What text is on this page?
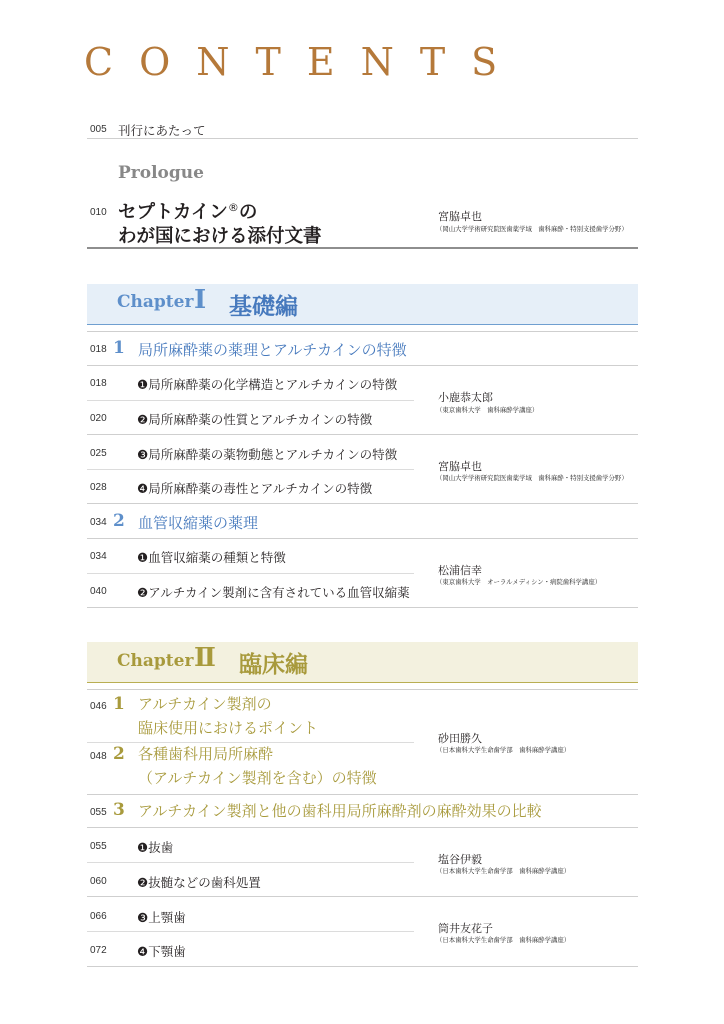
CONTENTS
005 刊行にあたって
Prologue
010 セプトカイン®の
わが国における添付文書
宮脇卓也
（岡山大学学術研究院医歯薬学域　歯科麻酔・特別支援歯学分野）
Chapter Ⅰ 基礎編
018 1 局所麻酔薬の薬理とアルチカインの特徴
018 ❶局所麻酔薬の化学構造とアルチカインの特徴
020 ❷局所麻酔薬の性質とアルチカインの特徴
小鹿恭太郎
（東京歯科大学　歯科麻酔学講座）
025 ❸局所麻酔薬の薬物動態とアルチカインの特徴
028 ❹局所麻酔薬の毒性とアルチカインの特徴
宮脇卓也
（岡山大学学術研究院医歯薬学域　歯科麻酔・特別支援歯学分野）
034 2 血管収縮薬の薬理
034 ❶血管収縮薬の種類と特徴
040 ❷アルチカイン製剤に含有されている血管収縮薬
松浦信幸
（東京歯科大学　オーラルメディシン・病院歯科学講座）
Chapter Ⅱ 臨床編
046 1 アルチカイン製剤の
臨床使用におけるポイント
048 2 各種歯科用局所麻酔
（アルチカイン製剤を含む）の特徴
砂田勝久
（日本歯科大学生命歯学部　歯科麻酔学講座）
055 3 アルチカイン製剤と他の歯科用局所麻酔剤の麻酔効果の比較
055 ❶抜歯
060 ❷抜髄などの歯科処置
塩谷伊毅
（日本歯科大学生命歯学部　歯科麻酔学講座）
066 ❸上顎歯
072 ❹下顎歯
筒井友花子
（日本歯科大学生命歯学部　歯科麻酔学講座）
